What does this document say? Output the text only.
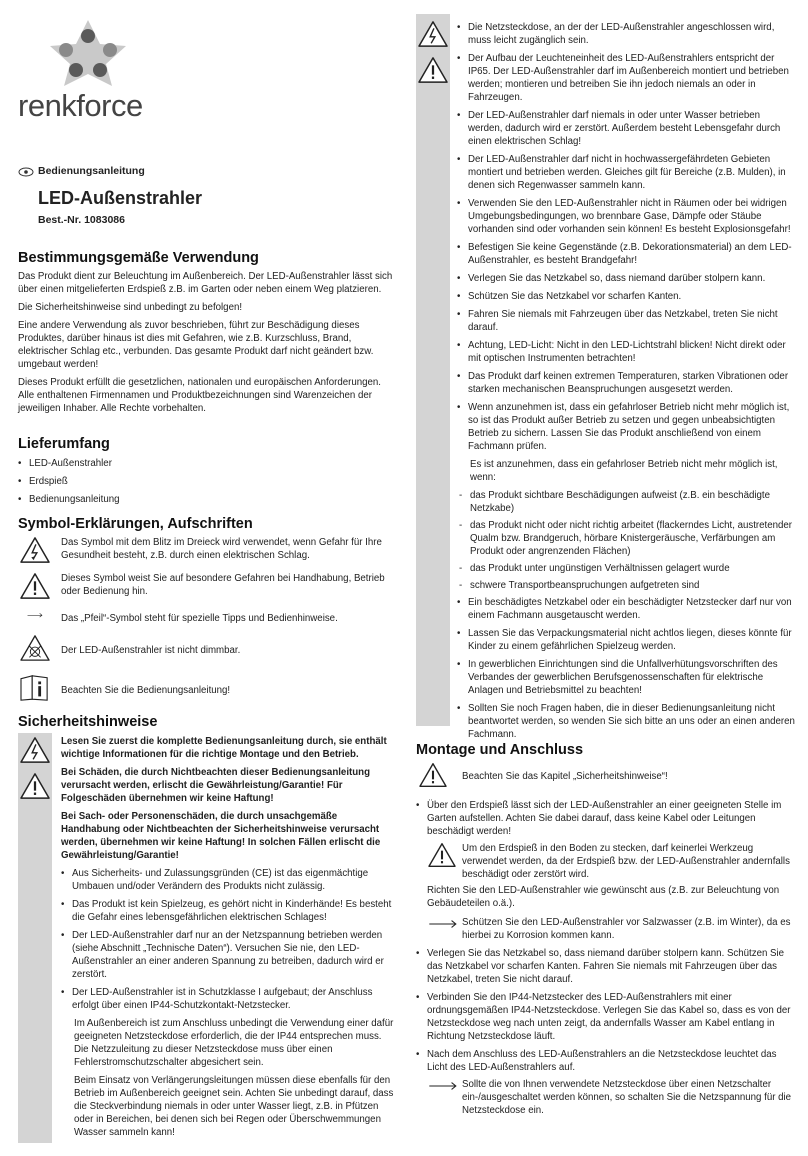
renkforce
Bedienungsanleitung
LED-Außenstrahler
Best.-Nr. 1083086
Bestimmungsgemäße Verwendung

Das Produkt dient zur Beleuchtung im Außenbereich. Der LED-Außenstrahler lässt sich über einen mitgelieferten Erdspieß z.B. im Garten oder neben einem Weg platzieren.

Die Sicherheitshinweise sind unbedingt zu befolgen!

Eine andere Verwendung als zuvor beschrieben, führt zur Beschädigung dieses Produktes, darüber hinaus ist dies mit Gefahren, wie z.B. Kurzschluss, Brand, elektrischer Schlag etc., verbunden. Das gesamte Produkt darf nicht geändert bzw. umgebaut werden!

Dieses Produkt erfüllt die gesetzlichen, nationalen und europäischen Anforderungen. Alle enthaltenen Firmennamen und Produktbezeichnungen sind Warenzeichen der jeweiligen Inhaber. Alle Rechte vorbehalten.

Lieferumfang
• LED-Außenstrahler
• Erdspieß
• Bedienungsanleitung
Symbol-Erklärungen, Aufschriften
Das Symbol mit dem Blitz im Dreieck wird verwendet, wenn Gefahr für Ihre Gesundheit besteht, z.B. durch einen elektrischen Schlag.
Dieses Symbol weist Sie auf besondere Gefahren bei Handhabung, Betrieb oder Bedienung hin.
Das „Pfeil“-Symbol steht für spezielle Tipps und Bedienhinweise.
Der LED-Außenstrahler ist nicht dimmbar.
Beachten Sie die Bedienungsanleitung!
Sicherheitshinweise

Lesen Sie zuerst die komplette Bedienungsanleitung durch, sie enthält wichtige Informationen für die richtige Montage und den Betrieb.

Bei Schäden, die durch Nichtbeachten dieser Bedienungsanleitung verursacht werden, erlischt die Gewährleistung/Garantie! Für Folgeschäden übernehmen wir keine Haftung!

Bei Sach- oder Personenschäden, die durch unsachgemäße Handhabung oder Nichtbeachten der Sicherheitshinweise verursacht werden, übernehmen wir keine Haftung! In solchen Fällen erlischt die Gewährleistung/Garantie!

• Aus Sicherheits- und Zulassungsgründen (CE) ist das eigenmächtige Umbauen und/oder Verändern des Produkts nicht zulässig.
• Das Produkt ist kein Spielzeug, es gehört nicht in Kinderhände! Es besteht die Gefahr eines lebensgefährlichen elektrischen Schlages!
• Der LED-Außenstrahler darf nur an der Netzspannung betrieben werden (siehe Abschnitt „Technische Daten“). Versuchen Sie nie, den LED-Außenstrahler an einer anderen Spannung zu betreiben, dadurch wird er zerstört.
• Der LED-Außenstrahler ist in Schutzklasse I aufgebaut; der Anschluss erfolgt über einen IP44-Schutzkontakt-Netzstecker.

Im Außenbereich ist zum Anschluss unbedingt die Verwendung einer dafür geeigneten Netzsteckdose erforderlich, die der IP44 entsprechen muss. Die Netzzuleitung zu dieser Netzsteckdose muss über einen Fehlerstromschutzschalter abgesichert sein.

Beim Einsatz von Verlängerungsleitungen müssen diese ebenfalls für den Betrieb im Außenbereich geeignet sein. Achten Sie unbedingt darauf, dass die Steckverbindung niemals in oder unter Wasser liegt, z.B. in Pfützen oder in Bereichen, bei denen sich bei Regen oder Überschwemmungen Wasser sammeln kann!

• Die Netzsteckdose, an der der LED-Außenstrahler angeschlossen wird, muss leicht zugänglich sein.
• Der Aufbau der Leuchteneinheit des LED-Außenstrahlers entspricht der IP65. Der LED-Außenstrahler darf im Außenbereich montiert und betrieben werden; montieren und betreiben Sie ihn jedoch niemals an oder in Fahrzeugen.
• Der LED-Außenstrahler darf niemals in oder unter Wasser betrieben werden, dadurch wird er zerstört. Außerdem besteht Lebensgefahr durch einen elektrischen Schlag!
• Der LED-Außenstrahler darf nicht in hochwassergefährdeten Gebieten montiert und betrieben werden. Gleiches gilt für Bereiche (z.B. Mulden), in denen sich Regenwasser sammeln kann.
• Verwenden Sie den LED-Außenstrahler nicht in Räumen oder bei widrigen Umgebungsbedingungen, wo brennbare Gase, Dämpfe oder Stäube vorhanden sind oder vorhanden sein können! Es besteht Explosionsgefahr!
• Befestigen Sie keine Gegenstände (z.B. Dekorationsmaterial) an dem LED-Außenstrahler, es besteht Brandgefahr!
• Verlegen Sie das Netzkabel so, dass niemand darüber stolpern kann.
• Schützen Sie das Netzkabel vor scharfen Kanten.
• Fahren Sie niemals mit Fahrzeugen über das Netzkabel, treten Sie nicht darauf.
• Achtung, LED-Licht: Nicht in den LED-Lichtstrahl blicken! Nicht direkt oder mit optischen Instrumenten betrachten!
• Das Produkt darf keinen extremen Temperaturen, starken Vibrationen oder starken mechanischen Beanspruchungen ausgesetzt werden.
• Wenn anzunehmen ist, dass ein gefahrloser Betrieb nicht mehr möglich ist, so ist das Produkt außer Betrieb zu setzen und gegen unbeabsichtigten Betrieb zu sichern. Lassen Sie das Produkt anschließend von einem Fachmann prüfen.

Es ist anzunehmen, dass ein gefahrloser Betrieb nicht mehr möglich ist, wenn:

- das Produkt sichtbare Beschädigungen aufweist (z.B. ein beschädigte Netzkabe)
- das Produkt nicht oder nicht richtig arbeitet (flackerndes Licht, austretender Qualm bzw. Brandgeruch, hörbare Knistergeräusche, Verfärbungen am Produkt oder angrenzenden Flächen)
- das Produkt unter ungünstigen Verhältnissen gelagert wurde
- schwere Transportbeanspruchungen aufgetreten sind
• Ein beschädigtes Netzkabel oder ein beschädigter Netzstecker darf nur von einem Fachmann ausgetauscht werden.
• Lassen Sie das Verpackungsmaterial nicht achtlos liegen, dieses könnte für Kinder zu einem gefährlichen Spielzeug werden.
• In gewerblichen Einrichtungen sind die Unfallverhütungsvorschriften des Verbandes der gewerblichen Berufsgenossenschaften für elektrische Anlagen und Betriebsmittel zu beachten!
• Sollten Sie noch Fragen haben, die in dieser Bedienungsanleitung nicht beantwortet werden, so wenden Sie sich bitte an uns oder an einen anderen Fachmann.
Montage und Anschluss
Beachten Sie das Kapitel „Sicherheitshinweise“!
• Über den Erdspieß lässt sich der LED-Außenstrahler an einer geeigneten Stelle im Garten aufstellen. Achten Sie dabei darauf, dass keine Kabel oder Leitungen beschädigt werden!
Um den Erdspieß in den Boden zu stecken, darf keinerlei Werkzeug verwendet werden, da der Erdspieß bzw. der LED-Außenstrahler andernfalls beschädigt oder zerstört wird.

Richten Sie den LED-Außenstrahler wie gewünscht aus (z.B. zur Beleuchtung von Gebäudeteilen o.ä.).

Schützen Sie den LED-Außenstrahler vor Salzwasser (z.B. im Winter), da es hierbei zu Korrosion kommen kann.
• Verlegen Sie das Netzkabel so, dass niemand darüber stolpern kann. Schützen Sie das Netzkabel vor scharfen Kanten. Fahren Sie niemals mit Fahrzeugen über das Netzkabel, treten Sie nicht darauf.
• Verbinden Sie den IP44-Netzstecker des LED-Außenstrahlers mit einer ordnungsgemäßen IP44-Netzsteckdose. Verlegen Sie das Kabel so, dass es von der Netzsteckdose weg nach unten zeigt, da andernfalls Wasser am Kabel entlang in Richtung Netzsteckdose läuft.
• Nach dem Anschluss des LED-Außenstrahlers an die Netzsteckdose leuchtet das Licht des LED-Außenstrahlers auf.
Sollte die von Ihnen verwendete Netzsteckdose über einen Netzschalter ein-/ausgeschaltet werden können, so schalten Sie die Netzspannung für die Netzsteckdose ein.
